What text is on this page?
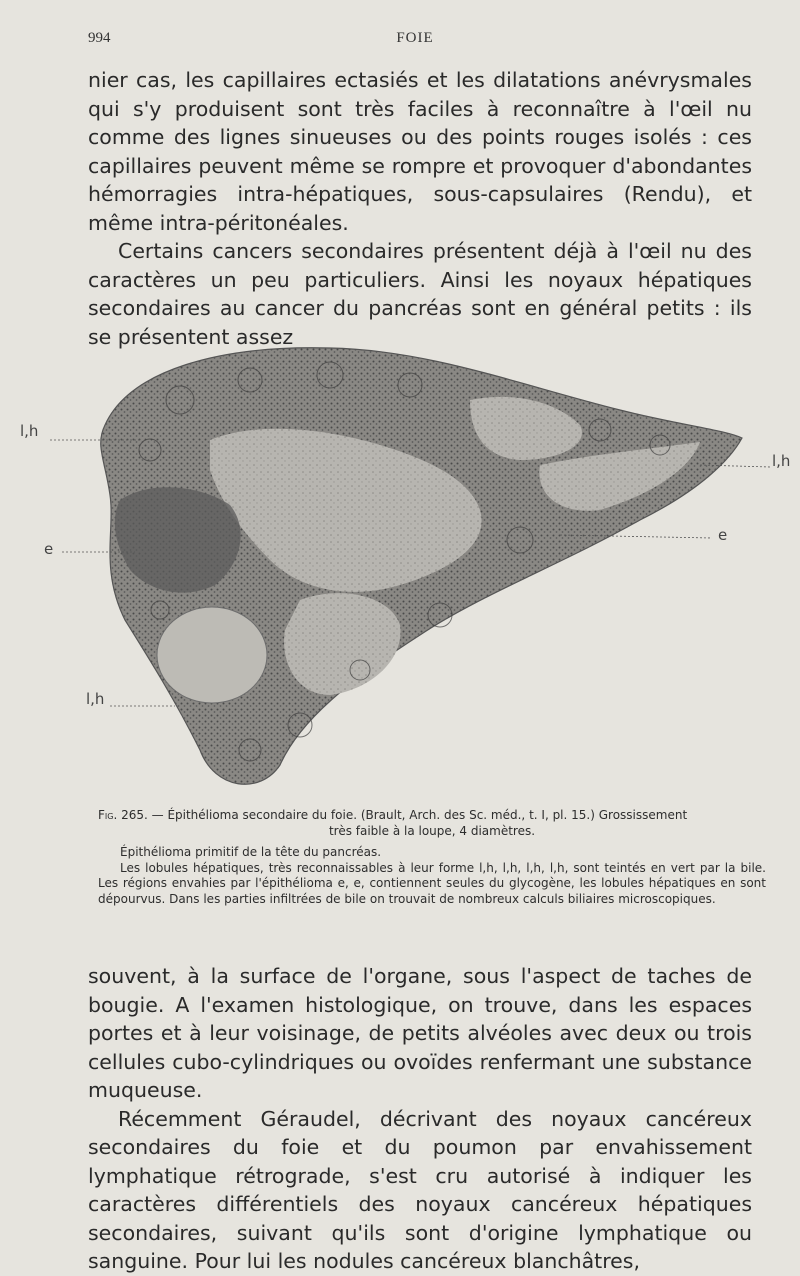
994	FOIE

nier cas, les capillaires ectasiés et les dilatations anévrysmales qui s'y produisent sont très faciles à reconnaître à l'œil nu comme des lignes sinueuses ou des points rouges isolés : ces capillaires peuvent même se rompre et provoquer d'abondantes hémorragies intra-hépatiques, sous-capsulaires (Rendu), et même intra-péritonéales.

Certains cancers secondaires présentent déjà à l'œil nu des caractères un peu particuliers. Ainsi les noyaux hépatiques secondaires au cancer du pancréas sont en général petits : ils se présentent assez

l,h
e
l,h
l,h
e
Fig. 265. — Épithélioma secondaire du foie. (Brault, Arch. des Sc. méd., t. I, pl. 15.) Grossissement
très faible à la loupe, 4 diamètres.
Épithélioma primitif de la tête du pancréas.
Les lobules hépatiques, très reconnaissables à leur forme l,h, l,h, l,h, l,h, sont teintés en vert par la bile. Les régions envahies par l'épithélioma e, e, contiennent seules du glycogène, les lobules hépatiques en sont dépourvus. Dans les parties infiltrées de bile on trouvait de nombreux calculs biliaires microscopiques.

souvent, à la surface de l'organe, sous l'aspect de taches de bougie. A l'examen histologique, on trouve, dans les espaces portes et à leur voisinage, de petits alvéoles avec deux ou trois cellules cubo-cylindriques ou ovoïdes renfermant une substance muqueuse.

Récemment Géraudel, décrivant des noyaux cancéreux secondaires du foie et du poumon par envahissement lymphatique rétrograde, s'est cru autorisé à indiquer les caractères différentiels des noyaux cancéreux hépatiques secondaires, suivant qu'ils sont d'origine lymphatique ou sanguine. Pour lui les nodules cancéreux blanchâtres,
